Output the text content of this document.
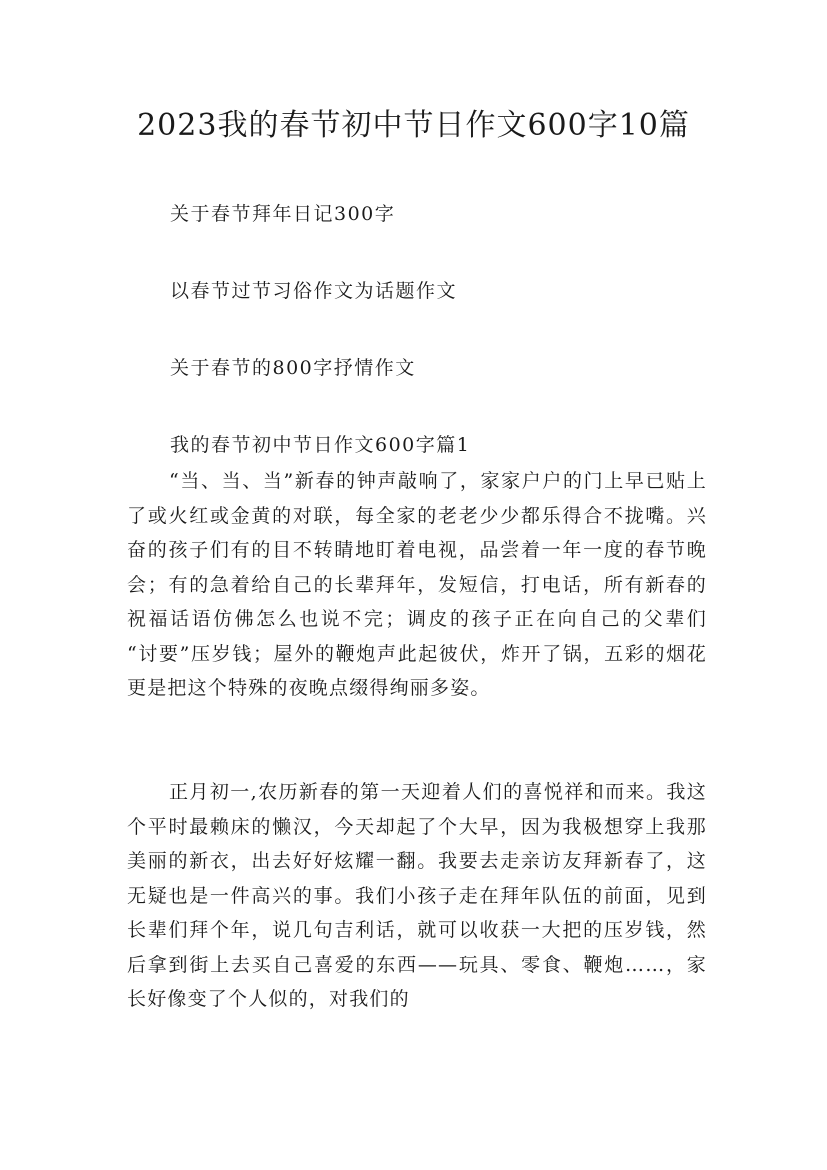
2023我的春节初中节日作文600字10篇

关于春节拜年日记300字

以春节过节习俗作文为话题作文

关于春节的800字抒情作文

我的春节初中节日作文600字篇1

“当、当、当”新春的钟声敲响了，家家户户的门上早已贴上了或火红或金黄的对联，每全家的老老少少都乐得合不拢嘴。兴奋的孩子们有的目不转睛地盯着电视，品尝着一年一度的春节晚会；有的急着给自己的长辈拜年，发短信，打电话，所有新春的祝福话语仿佛怎么也说不完；调皮的孩子正在向自己的父辈们 “讨要”压岁钱；屋外的鞭炮声此起彼伏，炸开了锅，五彩的烟花更是把这个特殊的夜晚点缀得绚丽多姿。

正月初一,农历新春的第一天迎着人们的喜悦祥和而来。我这个平时最赖床的懒汉，今天却起了个大早，因为我极想穿上我那美丽的新衣，出去好好炫耀一翻。我要去走亲访友拜新春了，这无疑也是一件高兴的事。我们小孩子走在拜年队伍的前面，见到长辈们拜个年，说几句吉利话，就可以收获一大把的压岁钱，然后拿到街上去买自己喜爱的东西——玩具、零食、鞭炮……，家长好像变了个人似的，对我们的
